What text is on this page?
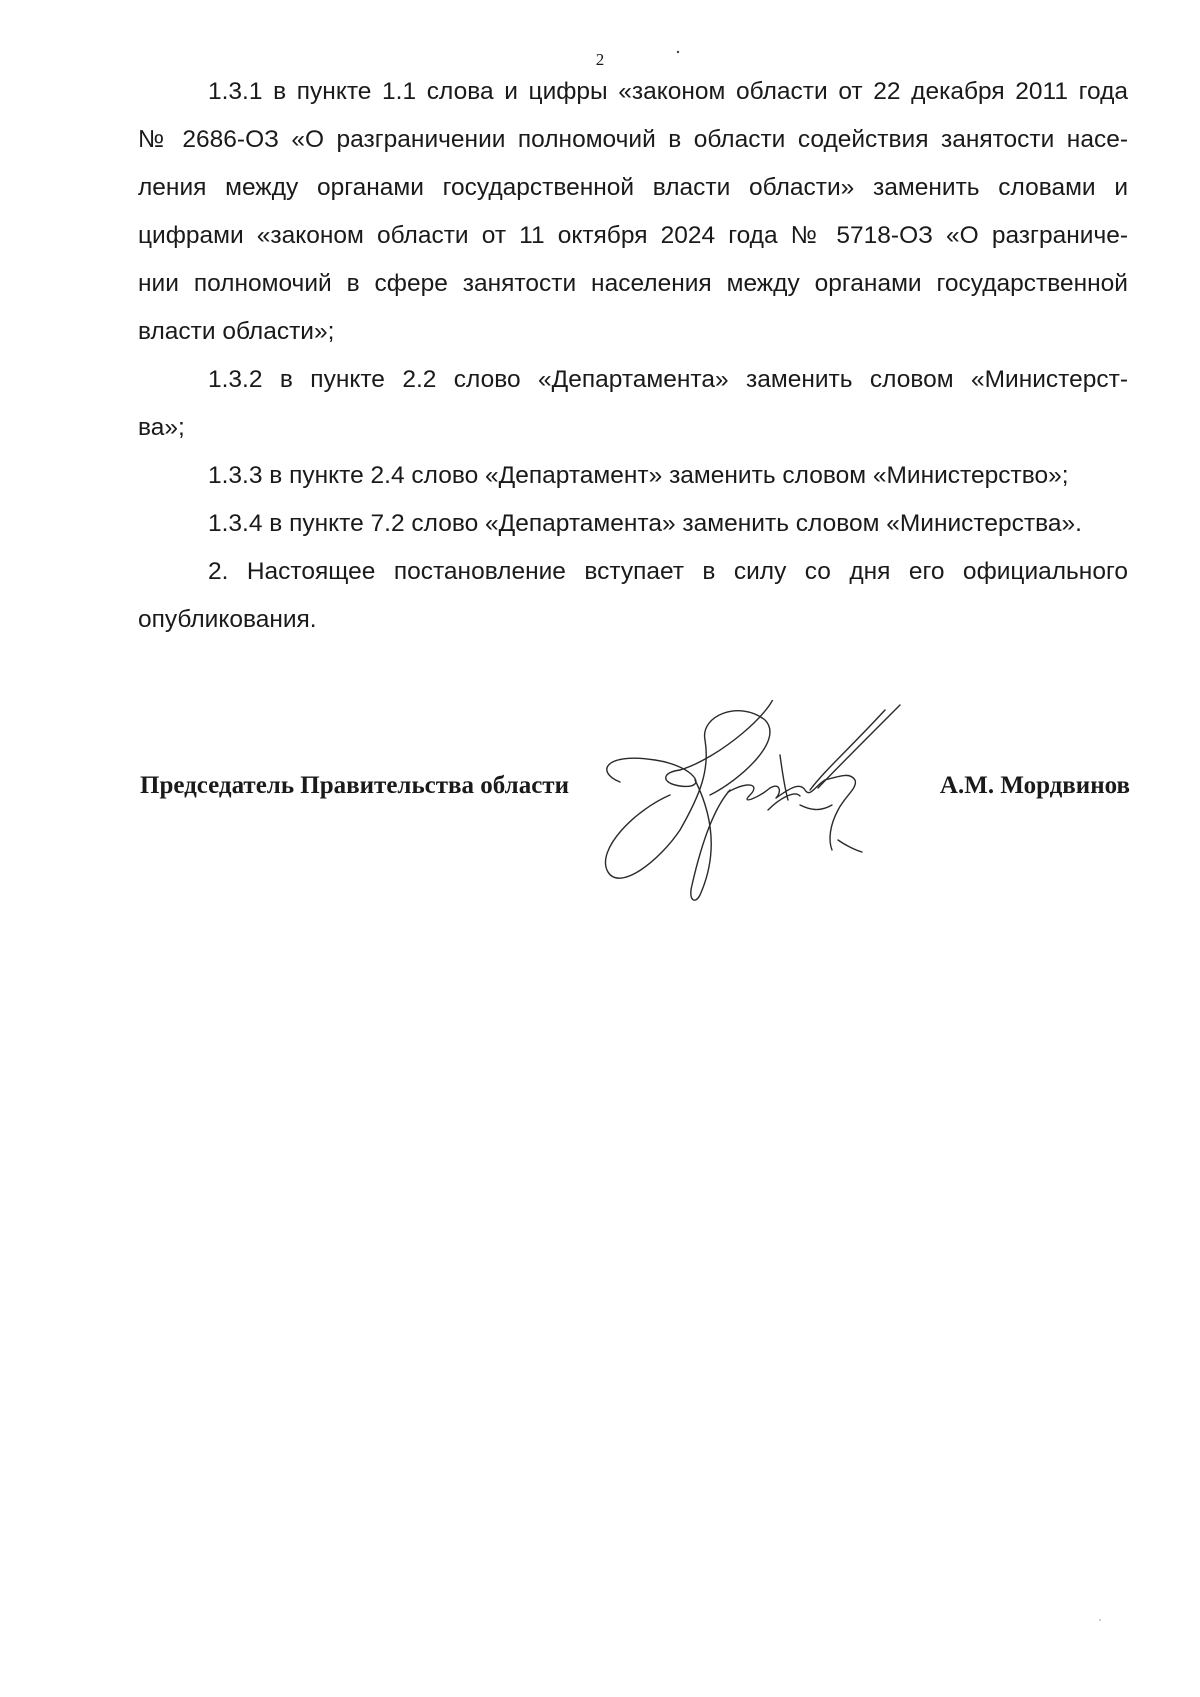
2
1.3.1 в пункте 1.1 слова и цифры «законом области от 22 декабря 2011 года
№ 2686-ОЗ «О разграничении полномочий в области содействия занятости насе-
ления между органами государственной власти области» заменить словами и
цифрами «законом области от 11 октября 2024 года № 5718-ОЗ «О разграниче-
нии полномочий в сфере занятости населения между органами государственной
власти области»;
1.3.2 в пункте 2.2 слово «Департамента» заменить словом «Министерст-
ва»;
1.3.3 в пункте 2.4 слово «Департамент» заменить словом «Министерство»;
1.3.4 в пункте 7.2 слово «Департамента» заменить словом «Министерства».
2. Настоящее постановление вступает в силу со дня его официального
опубликования.
Председатель Правительства области	А.М. Мордвинов
